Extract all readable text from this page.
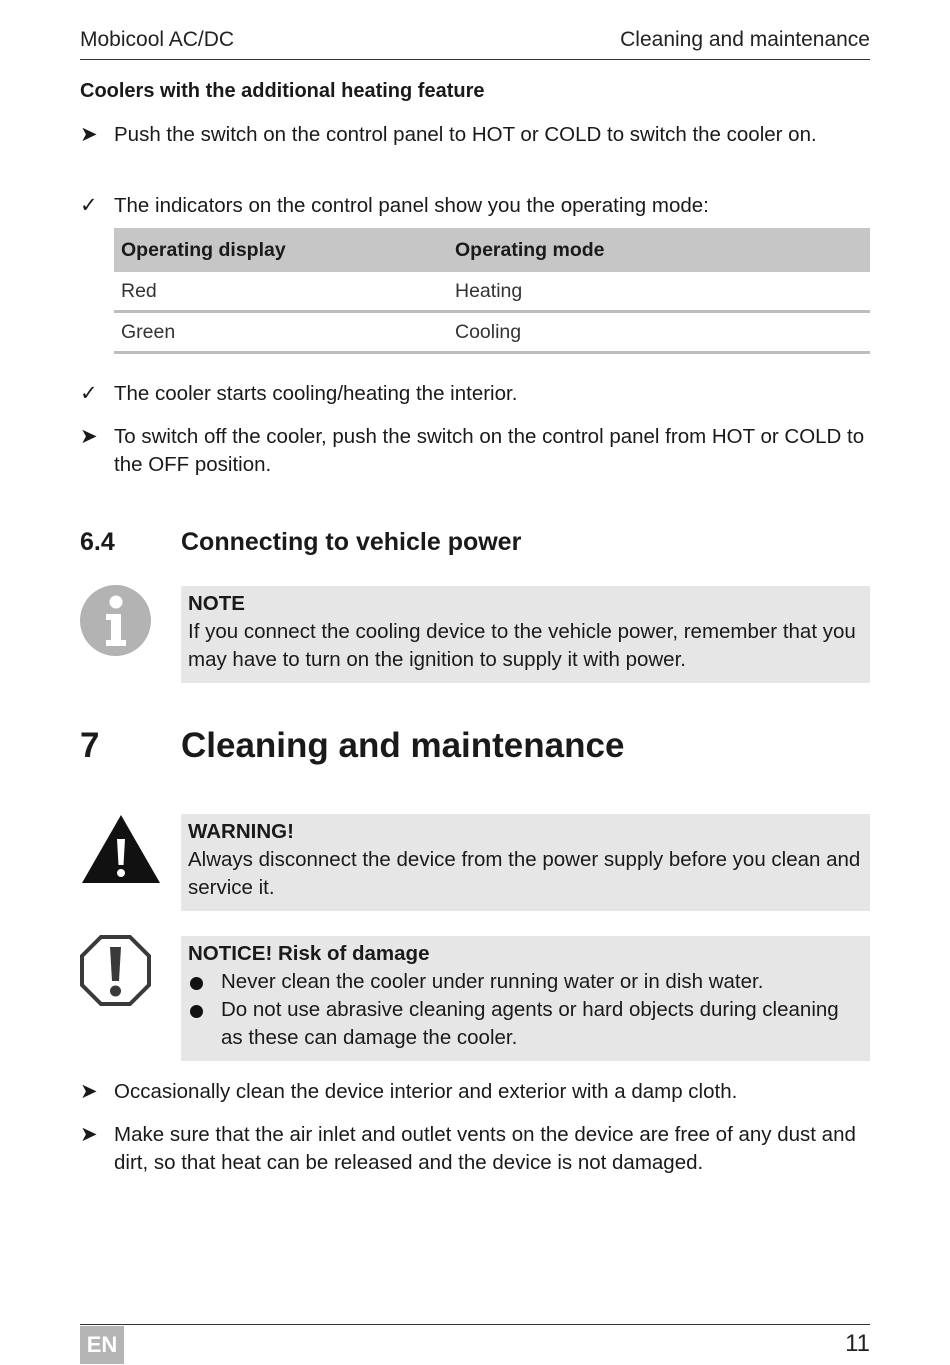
Mobicool AC/DC	Cleaning and maintenance
Coolers with the additional heating feature
➤ Push the switch on the control panel to HOT or COLD to switch the cooler on.
✓ The indicators on the control panel show you the operating mode:
Operating display	Operating mode
Red	Heating
Green	Cooling
✓ The cooler starts cooling/heating the interior.
➤ To switch off the cooler, push the switch on the control panel from HOT or COLD to the OFF position.
6.4	Connecting to vehicle power
NOTE
If you connect the cooling device to the vehicle power, remember that you may have to turn on the ignition to supply it with power.
7 Cleaning and maintenance
WARNING!
Always disconnect the device from the power supply before you clean and service it.
NOTICE! Risk of damage
Never clean the cooler under running water or in dish water.
Do not use abrasive cleaning agents or hard objects during cleaning as these can damage the cooler.
➤ Occasionally clean the device interior and exterior with a damp cloth.
➤ Make sure that the air inlet and outlet vents on the device are free of any dust and dirt, so that heat can be released and the device is not damaged.
EN	11
